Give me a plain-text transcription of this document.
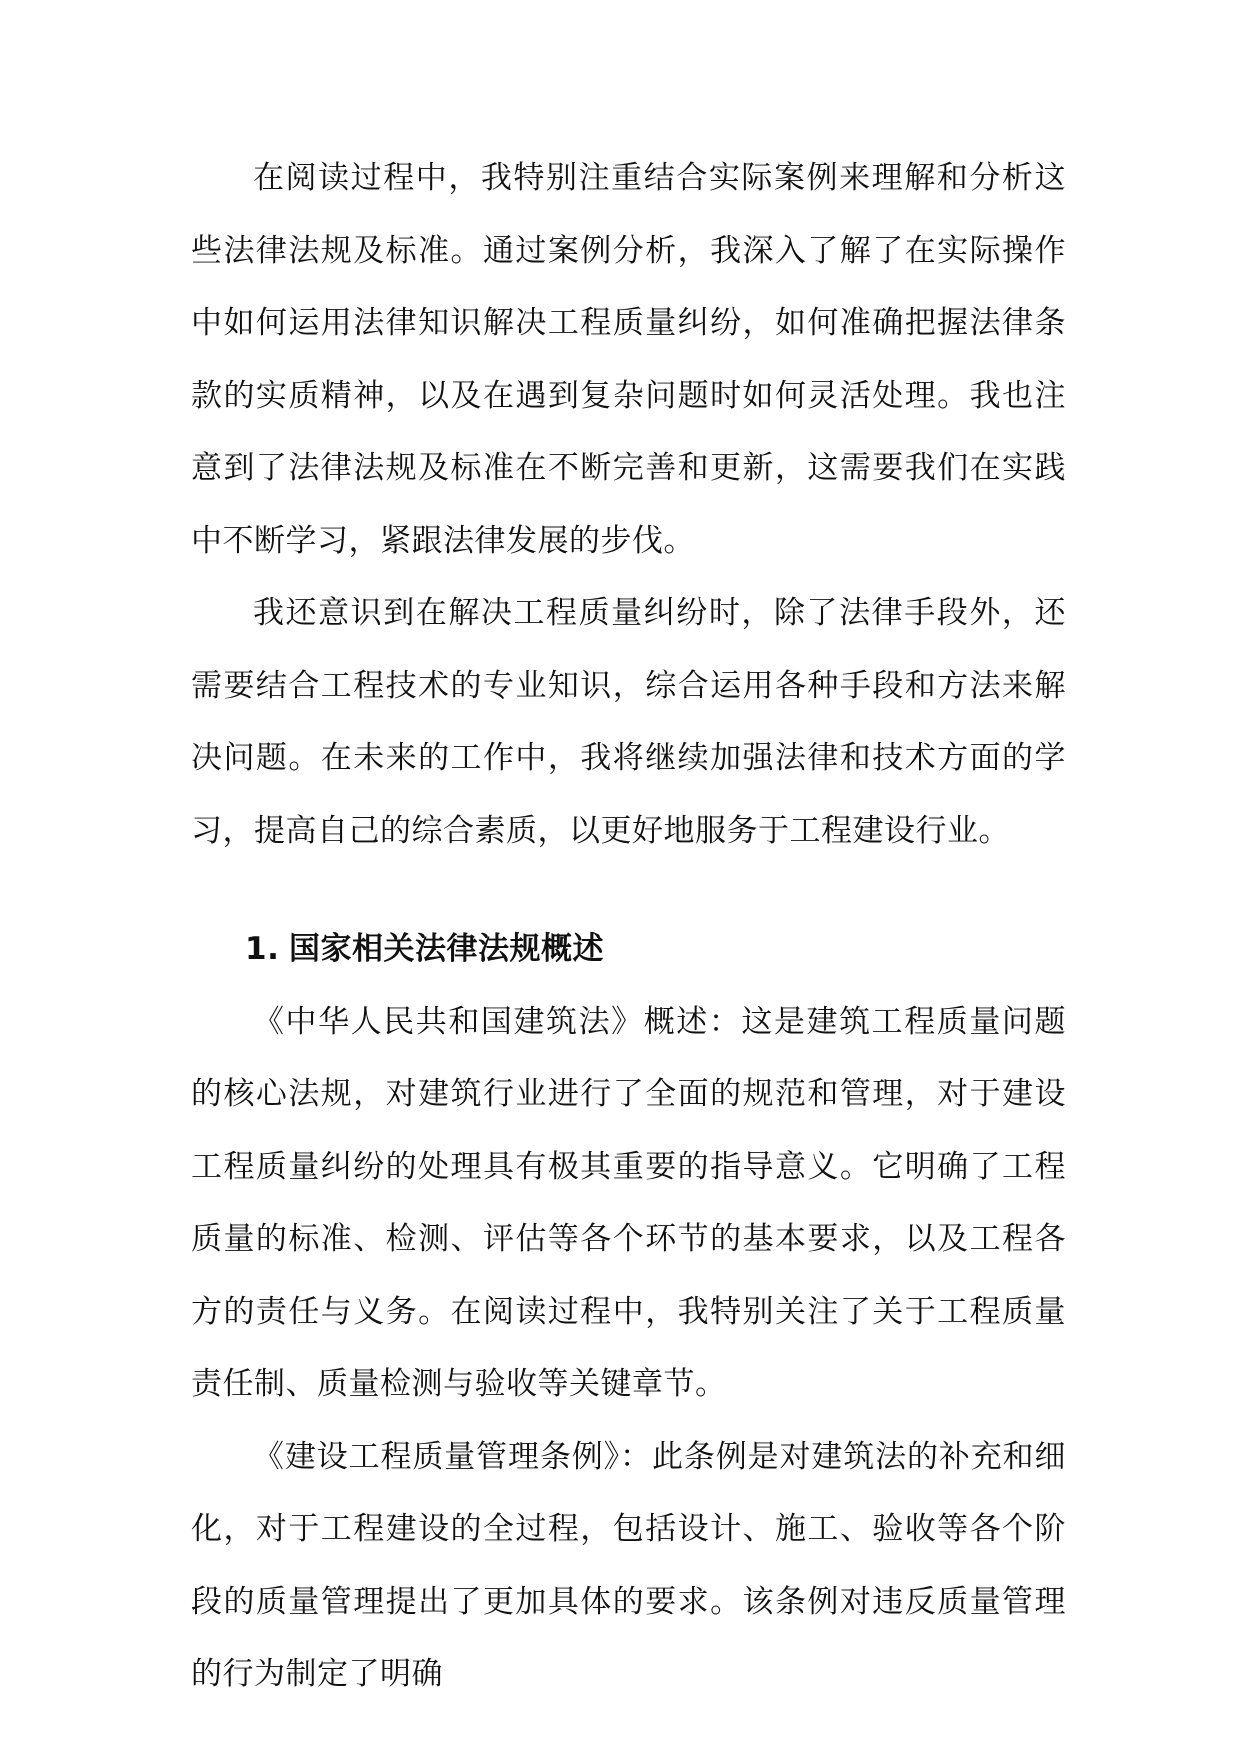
在阅读过程中，我特别注重结合实际案例来理解和分析这些法律法规及标准。通过案例分析，我深入了解了在实际操作中如何运用法律知识解决工程质量纠纷，如何准确把握法律条款的实质精神，以及在遇到复杂问题时如何灵活处理。我也注意到了法律法规及标准在不断完善和更新，这需要我们在实践中不断学习，紧跟法律发展的步伐。

我还意识到在解决工程质量纠纷时，除了法律手段外，还需要结合工程技术的专业知识，综合运用各种手段和方法来解决问题。在未来的工作中，我将继续加强法律和技术方面的学习，提高自己的综合素质，以更好地服务于工程建设行业。

1. 国家相关法律法规概述

《中华人民共和国建筑法》概述：这是建筑工程质量问题的核心法规，对建筑行业进行了全面的规范和管理，对于建设工程质量纠纷的处理具有极其重要的指导意义。它明确了工程质量的标准、检测、评估等各个环节的基本要求，以及工程各方的责任与义务。在阅读过程中，我特别关注了关于工程质量责任制、质量检测与验收等关键章节。

《建设工程质量管理条例》：此条例是对建筑法的补充和细化，对于工程建设的全过程，包括设计、施工、验收等各个阶段的质量管理提出了更加具体的要求。该条例对违反质量管理的行为制定了明确
